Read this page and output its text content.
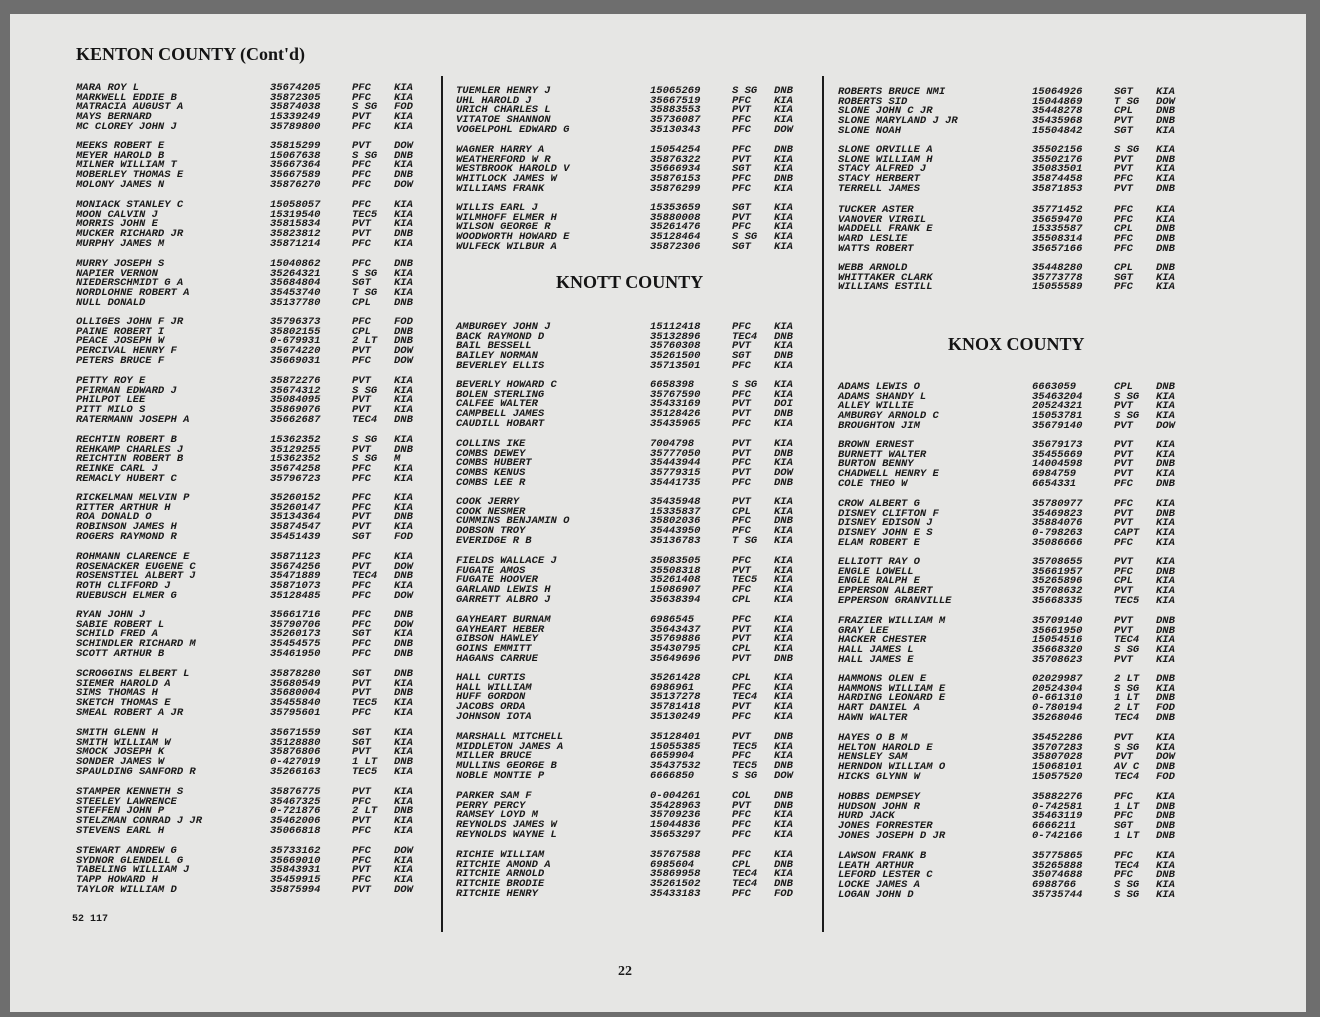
KENTON COUNTY (Cont'd)
MARA ROY L	35674205	PFC KIA
MARKWELL EDDIE B	35872305	PFC KIA
MATRACIA AUGUST A	35874038	S SG FOD
MAYS BERNARD	15339249	PVT KIA
MC CLOREY JOHN J	35789800	PFC KIA
MEEKS ROBERT E	35815299	PVT DOW
MEYER HAROLD B	15067638	S SG DNB
MILNER WILLIAM T	35667364	PFC KIA
MOBERLEY THOMAS E	35667589	PFC DNB
MOLONY JAMES N	35876270	PFC DOW
MONIACK STANLEY C	15058057	PFC KIA
MOON CALVIN J	15319540	TEC5 KIA
MORRIS JOHN E	35815834	PVT KIA
MUCKER RICHARD JR	35823812	PVT DNB
MURPHY JAMES M	35871214	PFC KIA
MURRY JOSEPH S	15040862	PFC DNB
NAPIER VERNON	35264321	S SG KIA
NIEDERSCHMIDT G A	35684804	SGT KIA
NORDLOHNE ROBERT A	35453740	T SG KIA
NULL DONALD	35137780	CPL DNB
OLLIGES JOHN F JR	35796373	PFC FOD
PAINE ROBERT I	35802155	CPL DNB
PEACE JOSEPH W	0-679931	2 LT DNB
PERCIVAL HENRY F	35674220	PVT DOW
PETERS BRUCE F	35669031	PFC DOW
PETTY ROY E	35872276	PVT KIA
PFIRMAN EDWARD J	35674312	S SG KIA
PHILPOT LEE	35084095	PVT KIA
PITT MILO S	35869076	PVT KIA
RATERMANN JOSEPH A	35662687	TEC4 DNB
RECHTIN ROBERT B	15362352	S SG KIA
REHKAMP CHARLES J	35129255	PVT DNB
REICHTIN ROBERT B	15362352	S SG M
REINKE CARL J	35674258	PFC KIA
REMACLY HUBERT C	35796723	PFC KIA
RICKELMAN MELVIN P	35260152	PFC KIA
RITTER ARTHUR H	35260147	PFC KIA
ROA DONALD O	35134364	PVT DNB
ROBINSON JAMES H	35874547	PVT KIA
ROGERS RAYMOND R	35451439	SGT FOD
ROHMANN CLARENCE E	35871123	PFC KIA
ROSENACKER EUGENE C	35674256	PVT DOW
ROSENSTIEL ALBERT J	35471889	TEC4 DNB
ROTH CLIFFORD J	35871073	PFC KIA
RUEBUSCH ELMER G	35128485	PFC DOW
RYAN JOHN J	35661716	PFC DNB
SABIE ROBERT L	35790706	PFC DOW
SCHILD FRED A	35260173	SGT KIA
SCHINDLER RICHARD M	35454575	PFC DNB
SCOTT ARTHUR B	35461950	PFC DNB
SCROGGINS ELBERT L	35878280	SGT DNB
SIEMER HAROLD A	35680549	PVT KIA
SIMS THOMAS H	35680004	PVT DNB
SKETCH THOMAS E	35455840	TEC5 KIA
SMEAL ROBERT A JR	35795601	PFC KIA
SMITH GLENN H	35671559	SGT KIA
SMITH WILLIAM W	35128880	SGT KIA
SMOCK JOSEPH K	35876806	PVT KIA
SONDER JAMES W	0-427019	1 LT DNB
SPAULDING SANFORD R	35266163	TEC5 KIA
STAMPER KENNETH S	35876775	PVT KIA
STEELEY LAWRENCE	35467325	PFC KIA
STEFFEN JOHN P	0-721876	2 LT DNB
STELZMAN CONRAD J JR	35462006	PVT KIA
STEVENS EARL H	35066818	PFC KIA
STEWART ANDREW G	35733162	PFC DOW
SYDNOR GLENDELL G	35669010	PFC KIA
TABELING WILLIAM J	35843931	PVT KIA
TAPP HOWARD H	35459915	PFC KIA
TAYLOR WILLIAM D	35875994	PVT DOW
KNOTT COUNTY
TUEMLER HENRY J	15065269	S SG DNB
UHL HAROLD J	35667519	PFC KIA
URICH CHARLES L	35883553	PVT KIA
VITATOE SHANNON	35736087	PFC KIA
VOGELPOHL EDWARD G	35130343	PFC DOW
WAGNER HARRY A	15054254	PFC DNB
WEATHERFORD W R	35876322	PVT KIA
WESTBROOK HAROLD V	35666934	SGT KIA
WHITLOCK JAMES W	35876153	PFC DNB
WILLIAMS FRANK	35876299	PFC KIA
WILLIS EARL J	15353659	SGT KIA
WILMHOFF ELMER H	35880008	PVT KIA
WILSON GEORGE R	35261476	PFC KIA
WOODWORTH HOWARD E	35128464	S SG KIA
WULFECK WILBUR A	35872306	SGT KIA
AMBURGEY JOHN J	15112418	PFC KIA
BACK RAYMOND D	35132896	TEC4 DNB
BAIL BESSELL	35760308	PVT KIA
BAILEY NORMAN	35261500	SGT DNB
BEVERLEY ELLIS	35713501	PFC KIA
BEVERLY HOWARD C	6658398	S SG KIA
BOLEN STERLING	35767590	PFC KIA
CALFEE WALTER	35433169	PVT DOI
CAMPBELL JAMES	35128426	PVT DNB
CAUDILL HOBART	35435965	PFC KIA
COLLINS IKE	7004798	PVT KIA
COMBS DEWEY	35777050	PVT DNB
COMBS HUBERT	35443944	PFC KIA
COMBS KENUS	35779315	PVT DOW
COMBS LEE R	35441735	PFC DNB
COOK JERRY	35435948	PVT KIA
COOK NESMER	15335837	CPL KIA
CUMMINS BENJAMIN O	35802036	PFC DNB
DOBSON TROY	35443950	PFC KIA
EVERIDGE R B	35136783	T SG KIA
FIELDS WALLACE J	35083505	PFC KIA
FUGATE AMOS	35508318	PVT KIA
FUGATE HOOVER	35261408	TEC5 KIA
GARLAND LEWIS H	15086907	PFC KIA
GARRETT ALBRO J	35638394	CPL KIA
GAYHEART BURNAM	6986545	PFC KIA
GAYHEART HEBER	35643437	PVT KIA
GIBSON HAWLEY	35769886	PVT KIA
GOINS EMMITT	35430795	CPL KIA
HAGANS CARRUE	35649696	PVT DNB
HALL CURTIS	35261428	CPL KIA
HALL WILLIAM	6986961	PFC KIA
HUFF GORDON	35137278	TEC4 KIA
JACOBS ORDA	35781418	PVT KIA
JOHNSON IOTA	35130249	PFC KIA
MARSHALL MITCHELL	35128401	PVT DNB
MIDDLETON JAMES A	15055385	TEC5 KIA
MILLER BRUCE	6659904	PFC KIA
MULLINS GEORGE B	35437532	TEC5 DNB
NOBLE MONTIE P	6666850	S SG DOW
PARKER SAM F	0-004261	COL DNB
PERRY PERCY	35428963	PVT DNB
RAMSEY LOYD M	35709236	PFC KIA
REYNOLDS JAMES W	15044836	PFC KIA
REYNOLDS WAYNE L	35653297	PFC KIA
RICHIE WILLIAM	35767588	PFC KIA
RITCHIE AMOND A	6985604	CPL DNB
RITCHIE ARNOLD	35869958	TEC4 KIA
RITCHIE BRODIE	35261502	TEC4 DNB
RITCHIE HENRY	35433183	PFC FOD
KNOX COUNTY
ROBERTS BRUCE NMI	15064926	SGT KIA
ROBERTS SID	15044869	T SG DOW
SLONE JOHN C JR	35448278	CPL DNB
SLONE MARYLAND J JR	35435968	PVT DNB
SLONE NOAH	15504842	SGT KIA
SLONE ORVILLE A	35502156	S SG KIA
SLONE WILLIAM H	35502176	PVT DNB
STACY ALFRED J	35083501	PVT KIA
STACY HERBERT	35874458	PFC KIA
TERRELL JAMES	35871853	PVT DNB
TUCKER ASTER	35771452	PFC KIA
VANOVER VIRGIL	35659470	PFC KIA
WADDELL FRANK E	15335587	CPL DNB
WARD LESLIE	35508314	PFC DNB
WATTS ROBERT	35657166	PFC DNB
WEBB ARNOLD	35448280	CPL DNB
WHITTAKER CLARK	35773778	SGT KIA
WILLIAMS ESTILL	15055589	PFC KIA
ADAMS LEWIS O	6663059	CPL DNB
ADAMS SHANDY L	35463204	S SG KIA
ALLEY WILLIE	20524321	PVT KIA
AMBURGY ARNOLD C	15053781	S SG KIA
BROUGHTON JIM	35679140	PVT DOW
BROWN ERNEST	35679173	PVT KIA
BURNETT WALTER	35455669	PVT KIA
BURTON BENNY	14004598	PVT DNB
CHADWELL HENRY E	6984759	PVT KIA
COLE THEO W	6654331	PFC DNB
CROW ALBERT G	35780977	PFC KIA
DISNEY CLIFTON F	35469823	PVT DNB
DISNEY EDISON J	35884076	PVT KIA
DISNEY JOHN E S	0-798263	CAPT KIA
ELAM ROBERT E	35086666	PFC KIA
ELLIOTT RAY O	35708655	PVT KIA
ENGLE LOWELL	35661957	PFC DNB
ENGLE RALPH E	35265896	CPL KIA
EPPERSON ALBERT	35708632	PVT KIA
EPPERSON GRANVILLE	35668335	TEC5 KIA
FRAZIER WILLIAM M	35709140	PVT DNB
GRAY LEE	35661950	PVT DNB
HACKER CHESTER	15054516	TEC4 KIA
HALL JAMES L	35668320	S SG KIA
HALL JAMES E	35708623	PVT KIA
HAMMONS OLEN E	02029987	2 LT DNB
HAMMONS WILLIAM E	20524304	S SG KIA
HARDING LEONARD E	0-661310	1 LT DNB
HART DANIEL A	0-780194	2 LT FOD
HAWN WALTER	35268046	TEC4 DNB
HAYES O B M	35452286	PVT KIA
HELTON HAROLD E	35707283	S SG KIA
HENSLEY SAM	35807028	PVT DOW
HERNDON WILLIAM O	15068101	AV C DNB
HICKS GLYNN W	15057520	TEC4 FOD
HOBBS DEMPSEY	35882276	PFC KIA
HUDSON JOHN R	0-742581	1 LT DNB
HURD JACK	35463119	PFC DNB
JONES FORRESTER	6666211	SGT DNB
JONES JOSEPH D JR	0-742166	1 LT DNB
LAWSON FRANK B	35775865	PFC KIA
LEATH ARTHUR	35265888	TEC4 KIA
LEFORD LESTER C	35074688	PFC DNB
LOCKE JAMES A	6988766	S SG KIA
LOGAN JOHN D	35735744	S SG KIA
52 117
22
